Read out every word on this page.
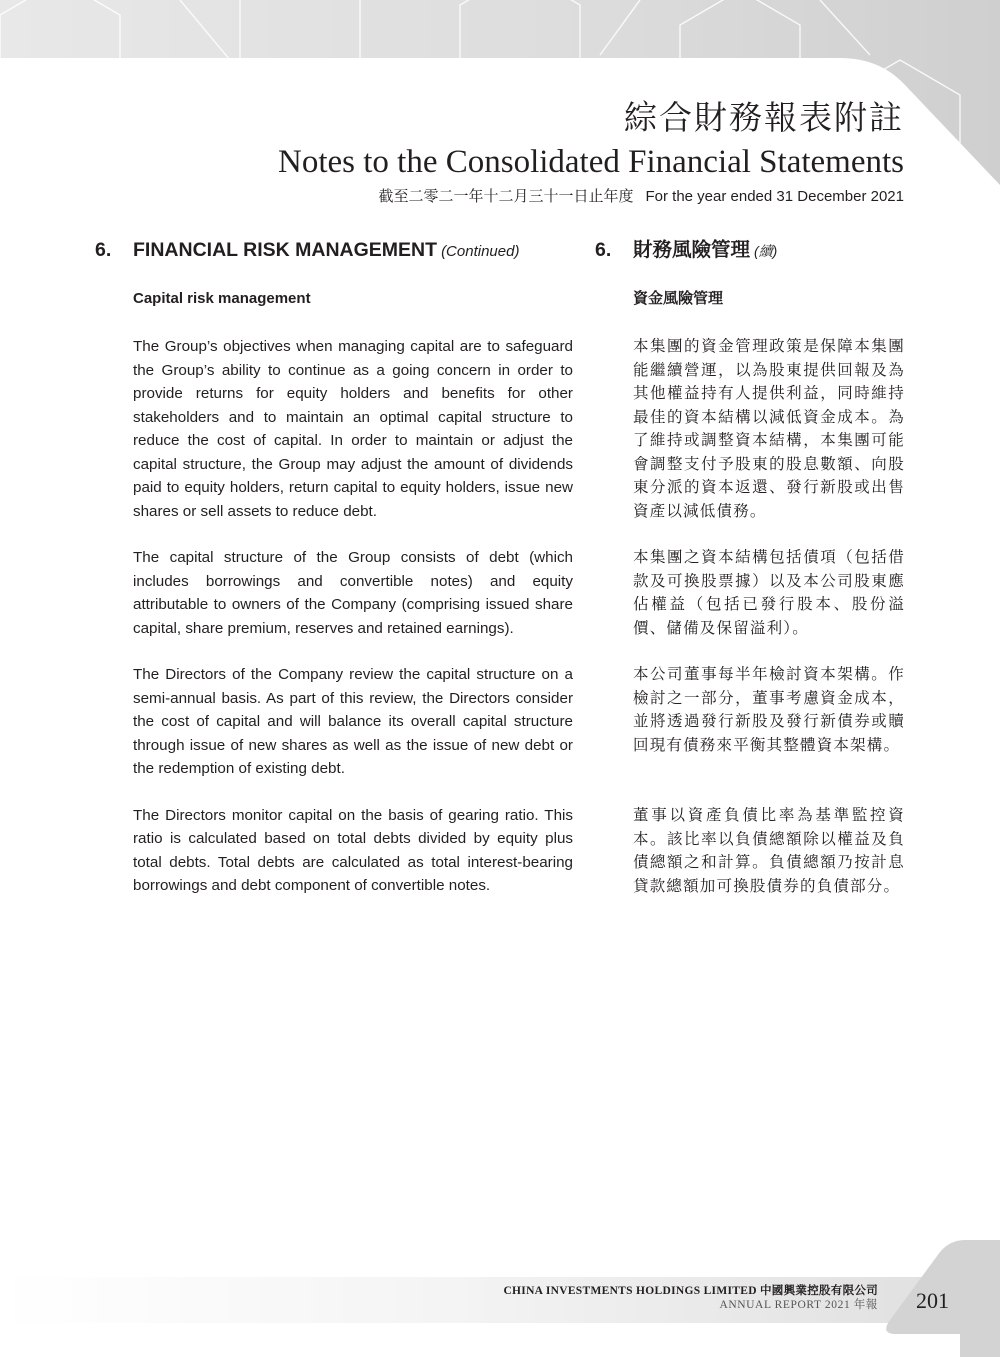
綜合財務報表附註
Notes to the Consolidated Financial Statements
截至二零二一年十二月三十一日止年度 For the year ended 31 December 2021
6. FINANCIAL RISK MANAGEMENT (Continued)
Capital risk management

The Group’s objectives when managing capital are to safeguard the Group’s ability to continue as a going concern in order to provide returns for equity holders and benefits for other stakeholders and to maintain an optimal capital structure to reduce the cost of capital. In order to maintain or adjust the capital structure, the Group may adjust the amount of dividends paid to equity holders, return capital to equity holders, issue new shares or sell assets to reduce debt.

The capital structure of the Group consists of debt (which includes borrowings and convertible notes) and equity attributable to owners of the Company (comprising issued share capital, share premium, reserves and retained earnings).

The Directors of the Company review the capital structure on a semi-annual basis. As part of this review, the Directors consider the cost of capital and will balance its overall capital structure through issue of new shares as well as the issue of new debt or the redemption of existing debt.

The Directors monitor capital on the basis of gearing ratio. This ratio is calculated based on total debts divided by equity plus total debts. Total debts are calculated as total interest-bearing borrowings and debt component of convertible notes.

6. 財務風險管理 (續)
資金風險管理

本集團的資金管理政策是保障本集團能繼續營運，以為股東提供回報及為其他權益持有人提供利益，同時維持最佳的資本結構以減低資金成本。為了維持或調整資本結構，本集團可能會調整支付予股東的股息數額、向股東分派的資本返還、發行新股或出售資產以減低債務。

本集團之資本結構包括債項（包括借款及可換股票據）以及本公司股東應佔權益（包括已發行股本、股份溢價、儲備及保留溢利）。

本公司董事每半年檢討資本架構。作檢討之一部分，董事考慮資金成本，並將透過發行新股及發行新債券或贖回現有債務來平衡其整體資本架構。

董事以資產負債比率為基準監控資本。該比率以負債總額除以權益及負債總額之和計算。負債總額乃按計息貸款總額加可換股債券的負債部分。

CHINA INVESTMENTS HOLDINGS LIMITED 中國興業控股有限公司
ANNUAL REPORT 2021 年報 201
